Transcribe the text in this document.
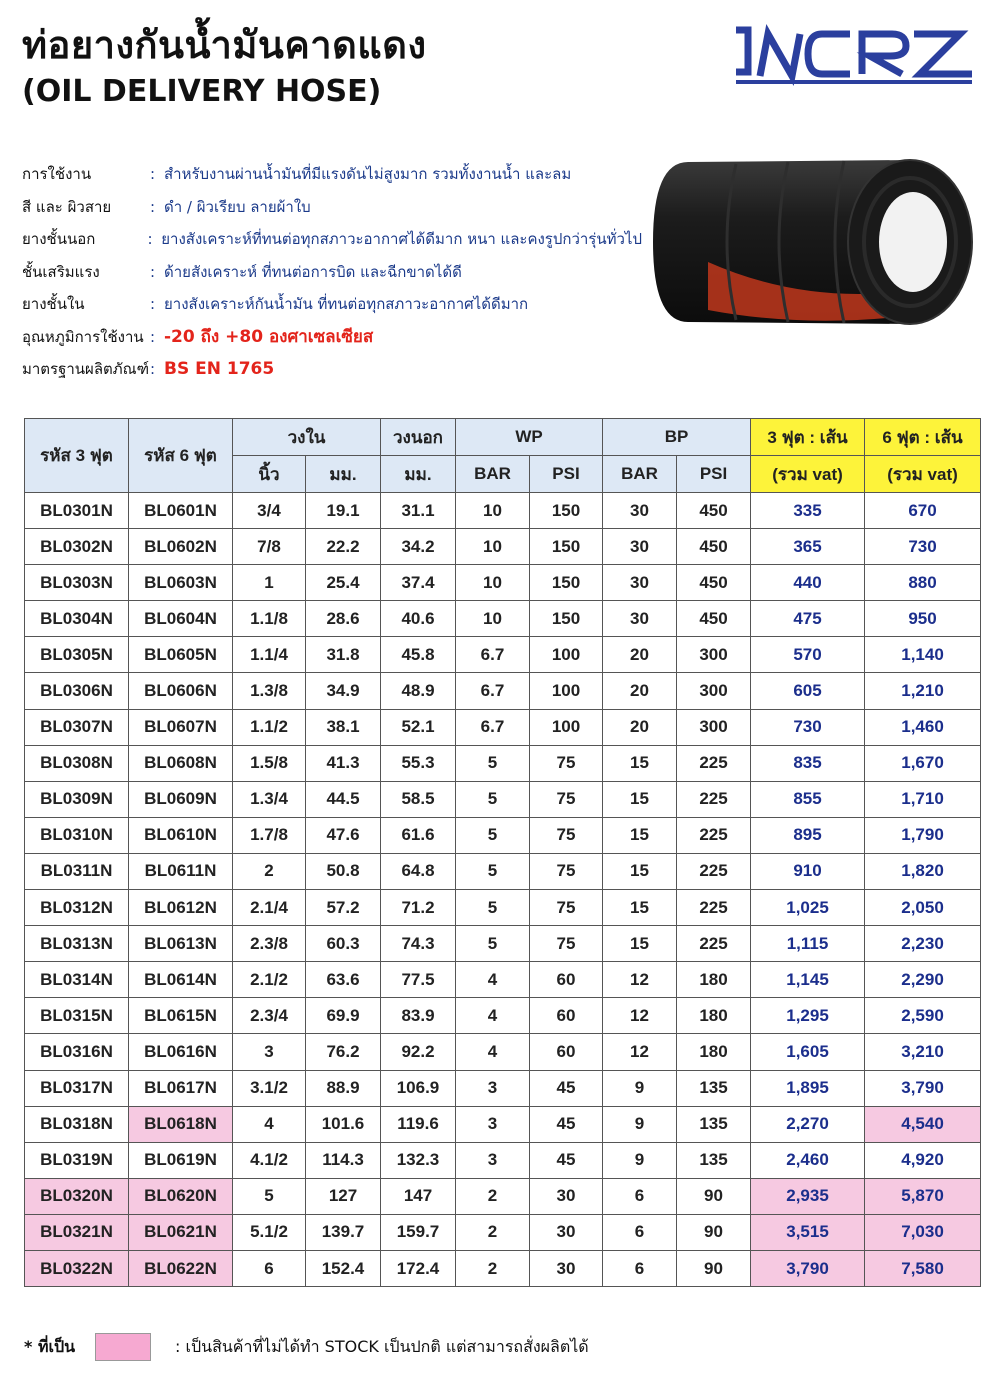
ท่อยางกันน้ำมันคาดแดง
(OIL DELIVERY HOSE)
การใช้งาน	: สำหรับงานผ่านน้ำมันที่มีแรงดันไม่สูงมาก รวมทั้งงานน้ำ และลม
สี และ ผิวสาย	: ดำ / ผิวเรียบ ลายผ้าใบ
ยางชั้นนอก	: ยางสังเคราะห์ที่ทนต่อทุกสภาวะอากาศได้ดีมาก หนา และคงรูปกว่ารุ่นทั่วไป
ชั้นเสริมแรง	: ด้ายสังเคราะห์ ที่ทนต่อการบิด และฉีกขาดได้ดี
ยางชั้นใน	: ยางสังเคราะห์กันน้ำมัน ที่ทนต่อทุกสภาวะอากาศได้ดีมาก
อุณหภูมิการใช้งาน : -20 ถึง +80 องศาเซลเซียส
มาตรฐานผลิตภัณฑ์ : BS EN 1765
รหัส 3 ฟุต	รหัส 6 ฟุต	วงใน		วงนอก	WP		BP		3 ฟุต : เส้น	6 ฟุต : เส้น
		นิ้ว	มม.	มม.	BAR	PSI	BAR	PSI	(รวม vat)	(รวม vat)
BL0301N	BL0601N	3/4	19.1	31.1	10	150	30	450	335	670
BL0302N	BL0602N	7/8	22.2	34.2	10	150	30	450	365	730
BL0303N	BL0603N	1	25.4	37.4	10	150	30	450	440	880
BL0304N	BL0604N	1.1/8	28.6	40.6	10	150	30	450	475	950
BL0305N	BL0605N	1.1/4	31.8	45.8	6.7	100	20	300	570	1,140
BL0306N	BL0606N	1.3/8	34.9	48.9	6.7	100	20	300	605	1,210
BL0307N	BL0607N	1.1/2	38.1	52.1	6.7	100	20	300	730	1,460
BL0308N	BL0608N	1.5/8	41.3	55.3	5	75	15	225	835	1,670
BL0309N	BL0609N	1.3/4	44.5	58.5	5	75	15	225	855	1,710
BL0310N	BL0610N	1.7/8	47.6	61.6	5	75	15	225	895	1,790
BL0311N	BL0611N	2	50.8	64.8	5	75	15	225	910	1,820
BL0312N	BL0612N	2.1/4	57.2	71.2	5	75	15	225	1,025	2,050
BL0313N	BL0613N	2.3/8	60.3	74.3	5	75	15	225	1,115	2,230
BL0314N	BL0614N	2.1/2	63.6	77.5	4	60	12	180	1,145	2,290
BL0315N	BL0615N	2.3/4	69.9	83.9	4	60	12	180	1,295	2,590
BL0316N	BL0616N	3	76.2	92.2	4	60	12	180	1,605	3,210
BL0317N	BL0617N	3.1/2	88.9	106.9	3	45	9	135	1,895	3,790
BL0318N	BL0618N	4	101.6	119.6	3	45	9	135	2,270	4,540
BL0319N	BL0619N	4.1/2	114.3	132.3	3	45	9	135	2,460	4,920
BL0320N	BL0620N	5	127	147	2	30	6	90	2,935	5,870
BL0321N	BL0621N	5.1/2	139.7	159.7	2	30	6	90	3,515	7,030
BL0322N	BL0622N	6	152.4	172.4	2	30	6	90	3,790	7,580
* ที่เป็น	: เป็นสินค้าที่ไม่ได้ทำ STOCK เป็นปกติ แต่สามารถสั่งผลิตได้
